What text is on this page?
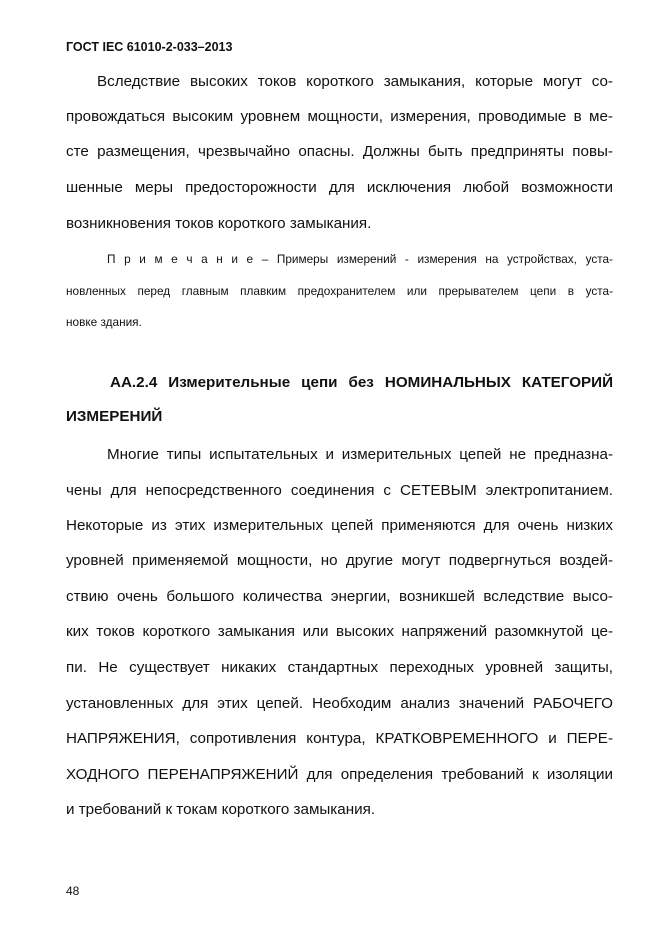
ГОСТ IEC 61010-2-033–2013
Вследствие высоких токов короткого замыкания, которые могут со-
провождаться высоким уровнем мощности, измерения, проводимые в ме-
сте размещения, чрезвычайно опасны. Должны быть предприняты повы-
шенные меры предосторожности для исключения любой возможности
возникновения токов короткого замыкания.
П р и м е ч а н и е – Примеры измерений - измерения на устройствах, уста-
новленных перед главным плавким предохранителем или прерывателем цепи в уста-
новке здания.
АА.2.4 Измерительные цепи без НОМИНАЛЬНЫХ КАТЕГОРИЙ
ИЗМЕРЕНИЙ
Многие типы испытательных и измерительных цепей не предназна-
чены для непосредственного соединения с СЕТЕВЫМ электропитанием.
Некоторые из этих измерительных цепей применяются для очень низких
уровней применяемой мощности, но другие могут подвергнуться воздей-
ствию очень большого количества энергии, возникшей вследствие высо-
ких токов короткого замыкания или высоких напряжений разомкнутой це-
пи. Не существует никаких стандартных переходных уровней защиты,
установленных для этих цепей. Необходим анализ значений РАБОЧЕГО
НАПРЯЖЕНИЯ, сопротивления контура, КРАТКОВРЕМЕННОГО и ПЕРЕ-
ХОДНОГО ПЕРЕНАПРЯЖЕНИЙ для определения требований к изоляции
и требований к токам короткого замыкания.
48
